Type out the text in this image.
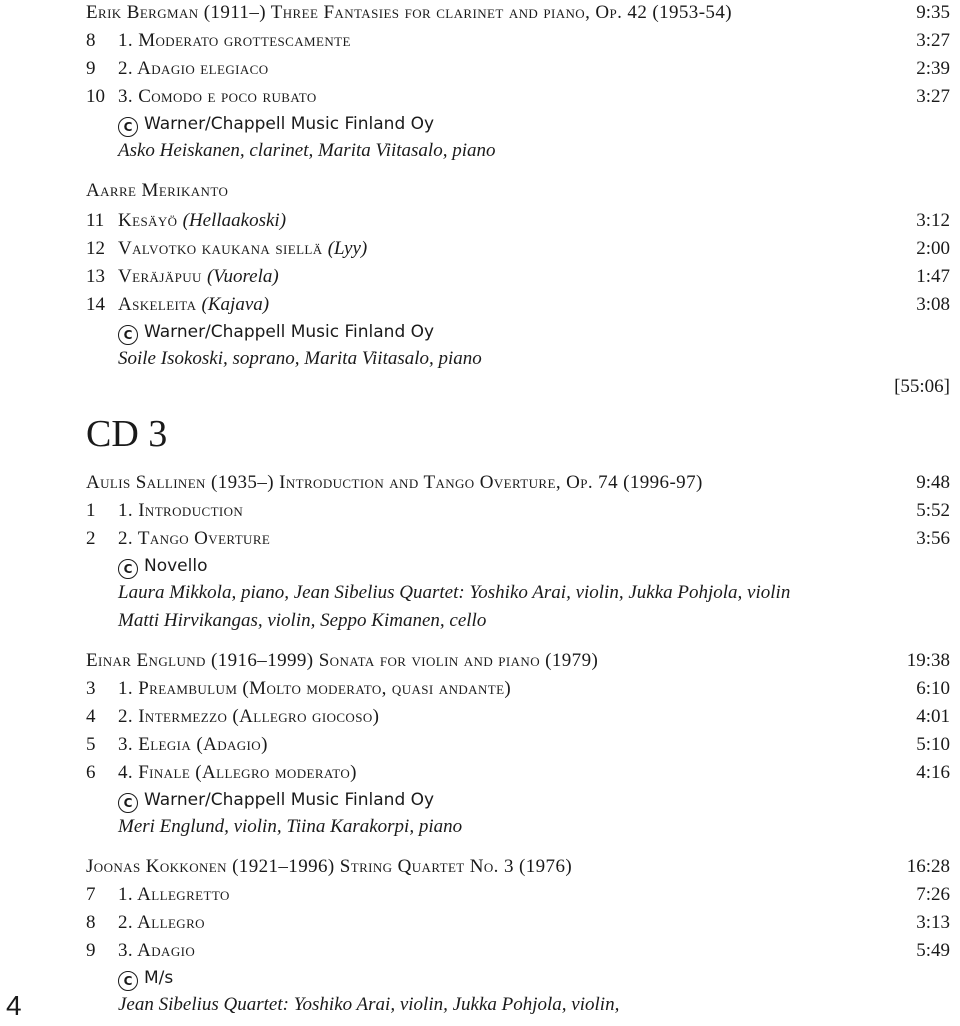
Erik Bergman (1911–) Three Fantasies for clarinet and piano, Op. 42 (1953-54)	9:35
8	1. Moderato grottescamente	3:27
9	2. Adagio elegiaco	2:39
10 3. Comodo e poco rubato	3:27
C Warner/Chappell Music Finland Oy
Asko Heiskanen, clarinet, Marita Viitasalo, piano
Aarre Merikanto
11 Kesäyö (Hellaakoski)	3:12
12 Valvotko kaukana siellä (Lyy)	2:00
13 Veräjäpuu (Vuorela)	1:47
14 Askeleita (Kajava)	3:08
C Warner/Chappell Music Finland Oy
Soile Isokoski, soprano, Marita Viitasalo, piano
[55:06]
CD 3
Aulis Sallinen (1935–) Introduction and Tango Overture, Op. 74 (1996-97)	9:48
1	1. Introduction	5:52
2	2. Tango Overture	3:56
C Novello
Laura Mikkola, piano, Jean Sibelius Quartet: Yoshiko Arai, violin, Jukka Pohjola, violin
Matti Hirvikangas, violin, Seppo Kimanen, cello
Einar Englund (1916–1999) Sonata for violin and piano (1979)	19:38
3	1. Preambulum (Molto moderato, quasi andante)	6:10
4	2. Intermezzo (Allegro giocoso)	4:01
5	3. Elegia (Adagio)	5:10
6	4. Finale (Allegro moderato)	4:16
C Warner/Chappell Music Finland Oy
Meri Englund, violin, Tiina Karakorpi, piano
Joonas Kokkonen (1921–1996) String Quartet No. 3 (1976)	16:28
7	1. Allegretto	7:26
8	2. Allegro	3:13
9	3. Adagio	5:49
C M/s
Jean Sibelius Quartet: Yoshiko Arai, violin, Jukka Pohjola, violin,
4
